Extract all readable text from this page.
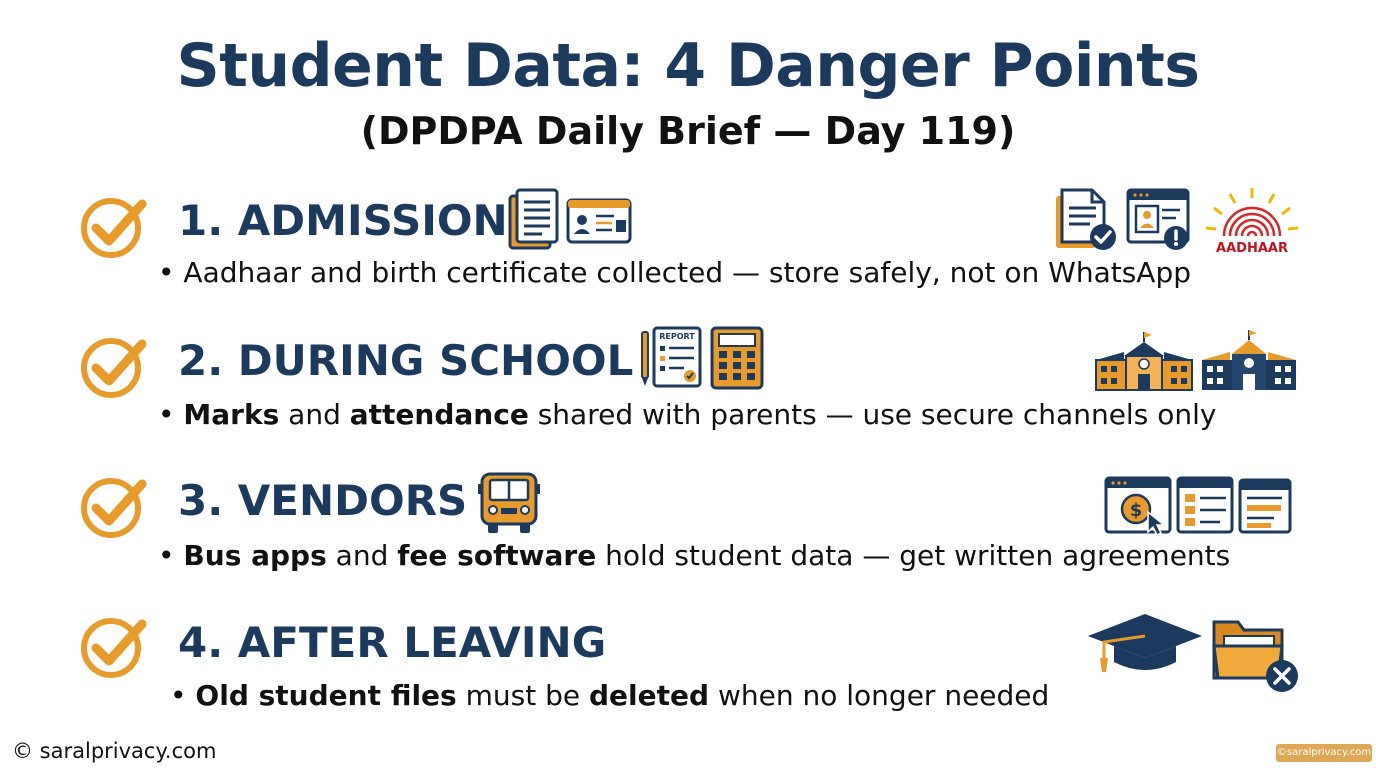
Student Data: 4 Danger Points
(DPDPA Daily Brief — Day 119)
1. ADMISSION
AADHAAR
• Aadhaar and birth certificate collected — store safely, not on WhatsApp
2. DURING SCHOOL	REPORT
• Marks and attendance shared with parents — use secure channels only
3. VENDORS	$
• Bus apps and fee software hold student data — get written agreements
4. AFTER LEAVING
• Old student files must be deleted when no longer needed
© saralprivacy.com	©saralprivacy.com
